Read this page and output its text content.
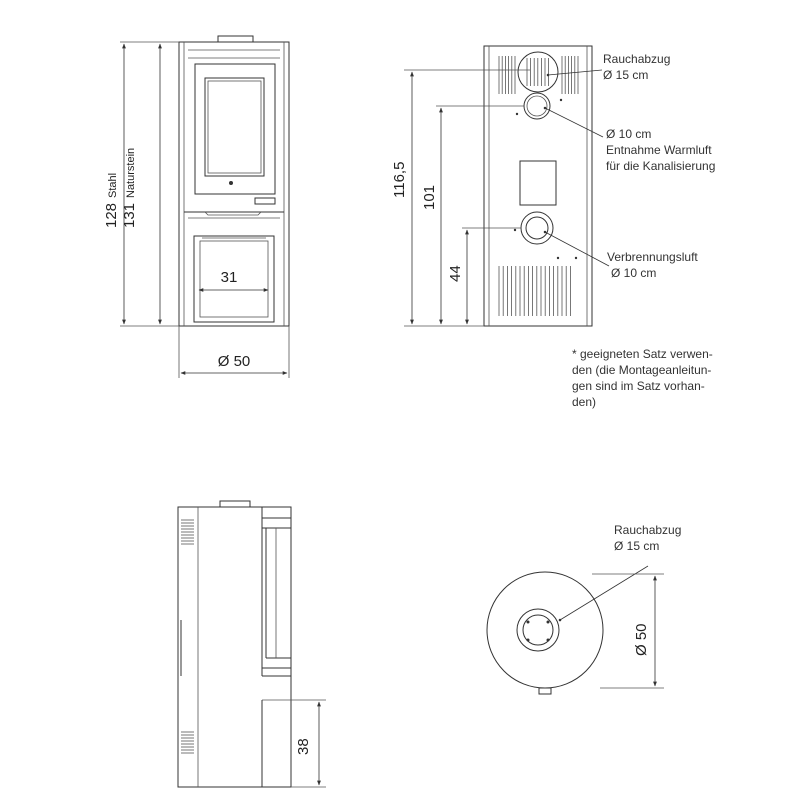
31
128
Stahl
131
Naturstein
Ø 50
116,5 101
44
Rauchabzug
Ø 15 cm
Ø 10 cm
Entnahme Warmluft
für die Kanalisierung
Verbrennungsluft
Ø 10 cm
* geeigneten Satz verwen-
den (die Montageanleitun-
gen sind im Satz vorhan-
den)
38
Rauchabzug
Ø 15 cm
Ø 50
